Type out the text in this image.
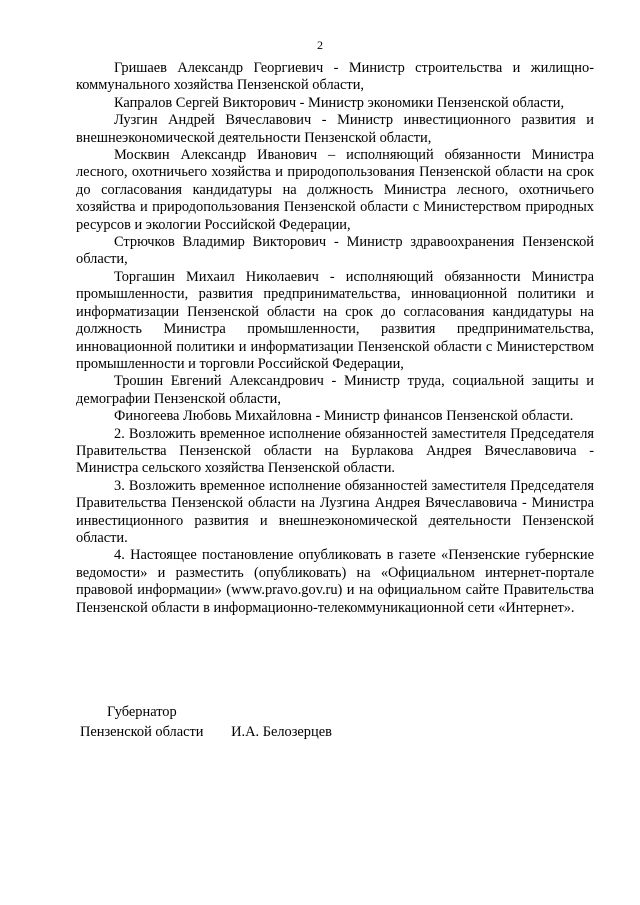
2

Гришаев Александр Георгиевич - Министр строительства и жилищно-коммунального хозяйства Пензенской области,

Капралов Сергей Викторович - Министр экономики Пензенской области,

Лузгин Андрей Вячеславович - Министр инвестиционного развития и внешнеэкономической деятельности Пензенской области,

Москвин Александр Иванович – исполняющий обязанности Министра лесного, охотничьего хозяйства и природопользования Пензенской области на срок до согласования кандидатуры на должность Министра лесного, охотничьего хозяйства и природопользования Пензенской области с Министерством природных ресурсов и экологии Российской Федерации,

Стрючков Владимир Викторович - Министр здравоохранения Пензенской области,

Торгашин Михаил Николаевич - исполняющий обязанности Министра промышленности, развития предпринимательства, инновационной политики и информатизации Пензенской области на срок до согласования кандидатуры на должность Министра промышленности, развития предпринимательства, инновационной политики и информатизации Пензенской области с Министерством промышленности и торговли Российской Федерации,

Трошин Евгений Александрович - Министр труда, социальной защиты и демографии Пензенской области,

Финогеева Любовь Михайловна - Министр финансов Пензенской области.

2. Возложить временное исполнение обязанностей заместителя Председателя Правительства Пензенской области на Бурлакова Андрея Вячеславовича - Министра сельского хозяйства Пензенской области.

3. Возложить временное исполнение обязанностей заместителя Председателя Правительства Пензенской области на Лузгина Андрея Вячеславовича - Министра инвестиционного развития и внешнеэкономической деятельности Пензенской области.

4. Настоящее постановление опубликовать в газете «Пензенские губернские ведомости» и разместить (опубликовать) на «Официальном интернет-портале правовой информации» (www.pravo.gov.ru) и на официальном сайте Правительства Пензенской области в информационно-телекоммуникационной сети «Интернет».

Губернатор
Пензенской области И.А. Белозерцев
